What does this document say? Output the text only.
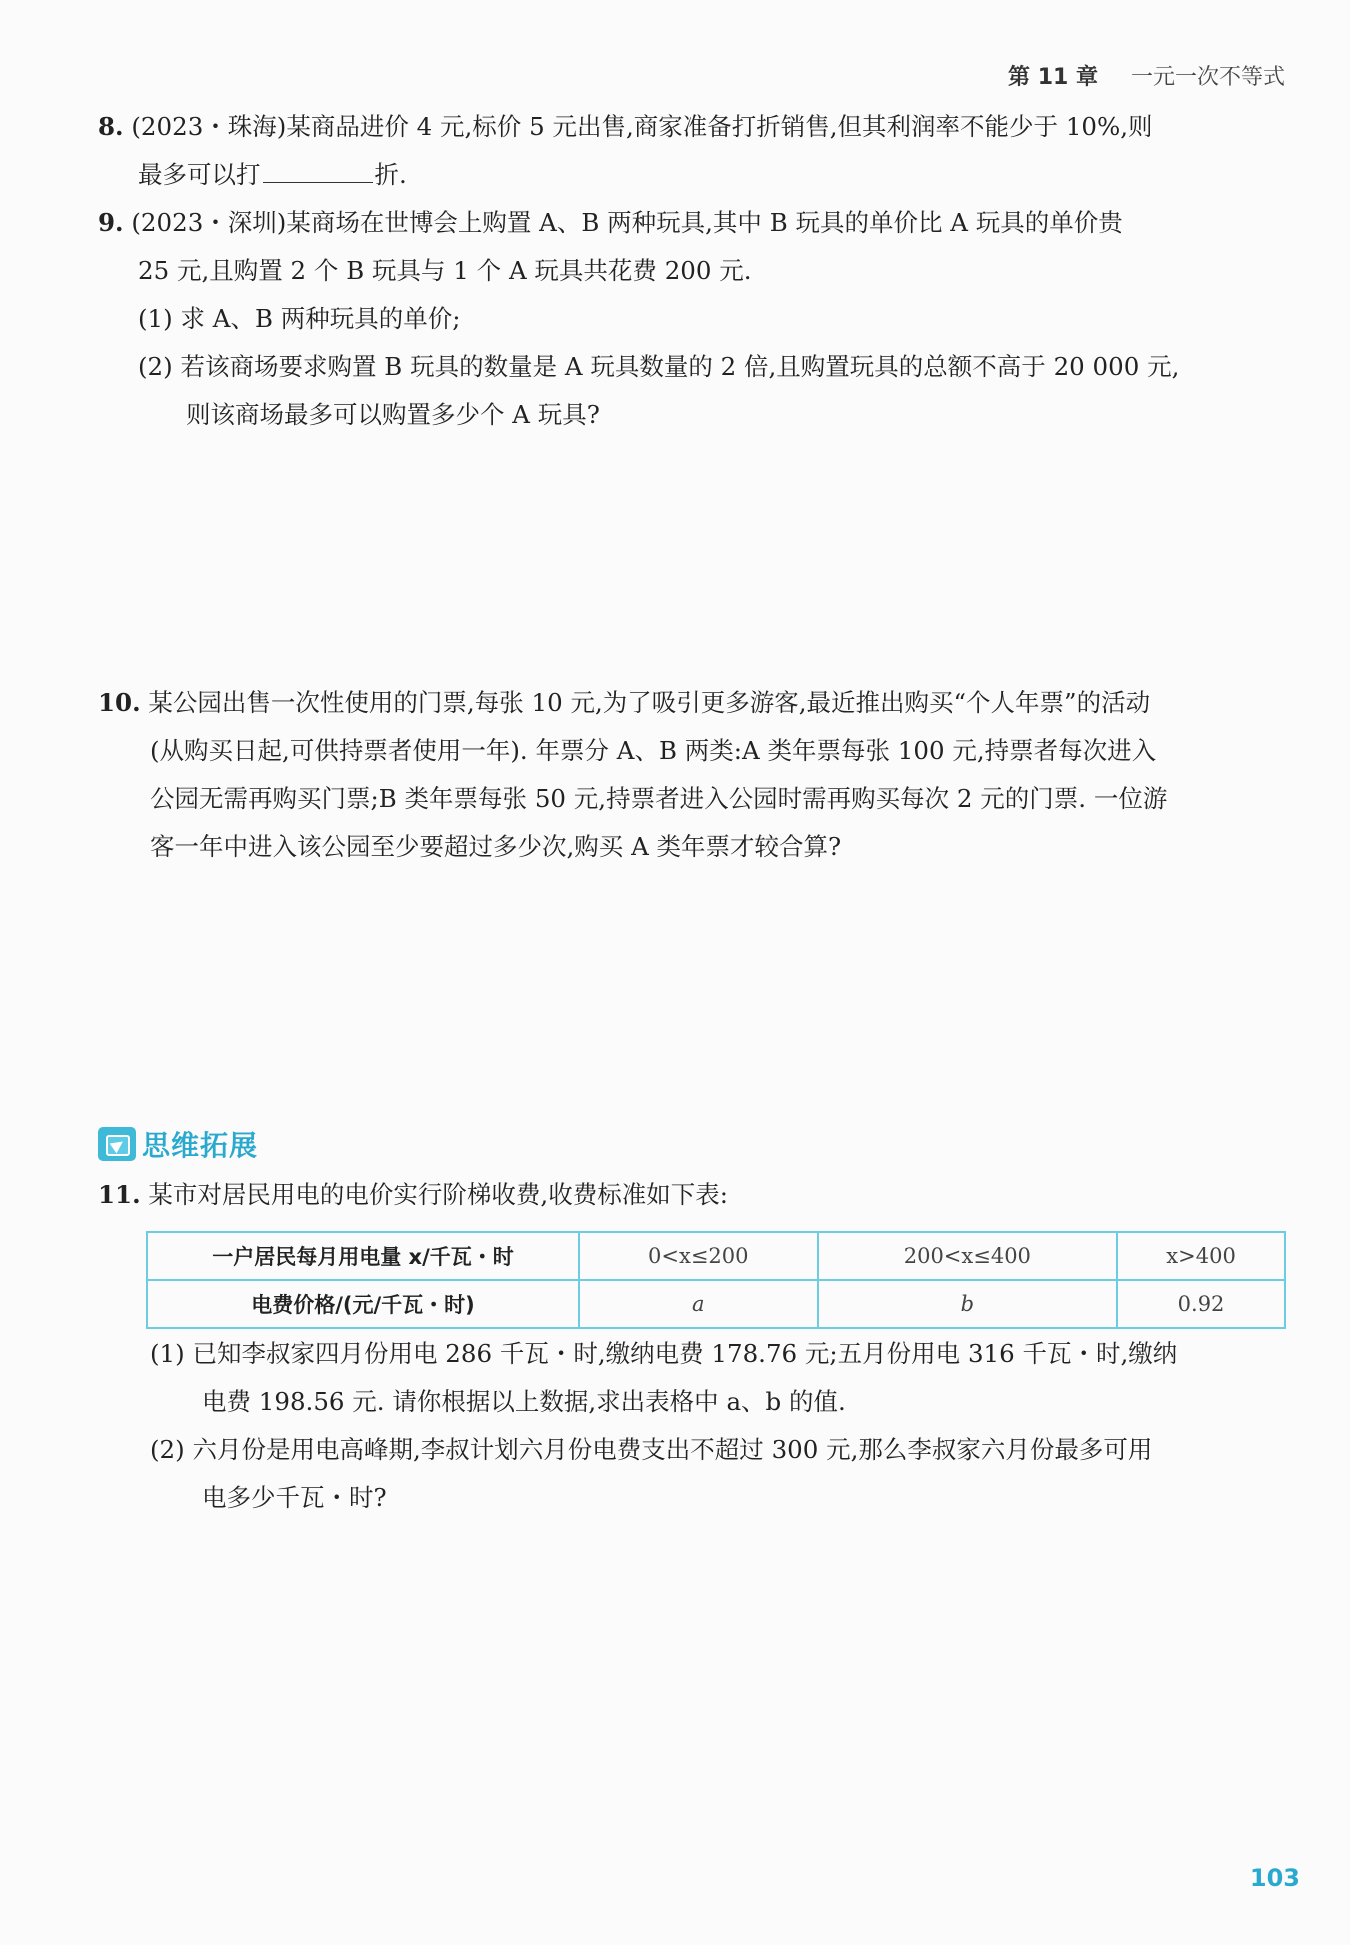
第 11 章 一元一次不等式
8. (2023・珠海)某商品进价 4 元,标价 5 元出售,商家准备打折销售,但其利润率不能少于 10%,则
最多可以打	折.
9. (2023・深圳)某商场在世博会上购置 A、B 两种玩具,其中 B 玩具的单价比 A 玩具的单价贵
25 元,且购置 2 个 B 玩具与 1 个 A 玩具共花费 200 元.
(1) 求 A、B 两种玩具的单价;
(2) 若该商场要求购置 B 玩具的数量是 A 玩具数量的 2 倍,且购置玩具的总额不高于 20 000 元,
则该商场最多可以购置多少个 A 玩具?
10. 某公园出售一次性使用的门票,每张 10 元,为了吸引更多游客,最近推出购买“个人年票”的活动
(从购买日起,可供持票者使用一年). 年票分 A、B 两类:A 类年票每张 100 元,持票者每次进入
公园无需再购买门票;B 类年票每张 50 元,持票者进入公园时需再购买每次 2 元的门票. 一位游
客一年中进入该公园至少要超过多少次,购买 A 类年票才较合算?
思维拓展
11. 某市对居民用电的电价实行阶梯收费,收费标准如下表:
一户居民每月用电量 x/千瓦・时	0<x≤200	200<x≤400	x>400
电费价格/(元/千瓦・时)	a	b	0.92
(1) 已知李叔家四月份用电 286 千瓦・时,缴纳电费 178.76 元;五月份用电 316 千瓦・时,缴纳
电费 198.56 元. 请你根据以上数据,求出表格中 a、b 的值.
(2) 六月份是用电高峰期,李叔计划六月份电费支出不超过 300 元,那么李叔家六月份最多可用
电多少千瓦・时?
103
